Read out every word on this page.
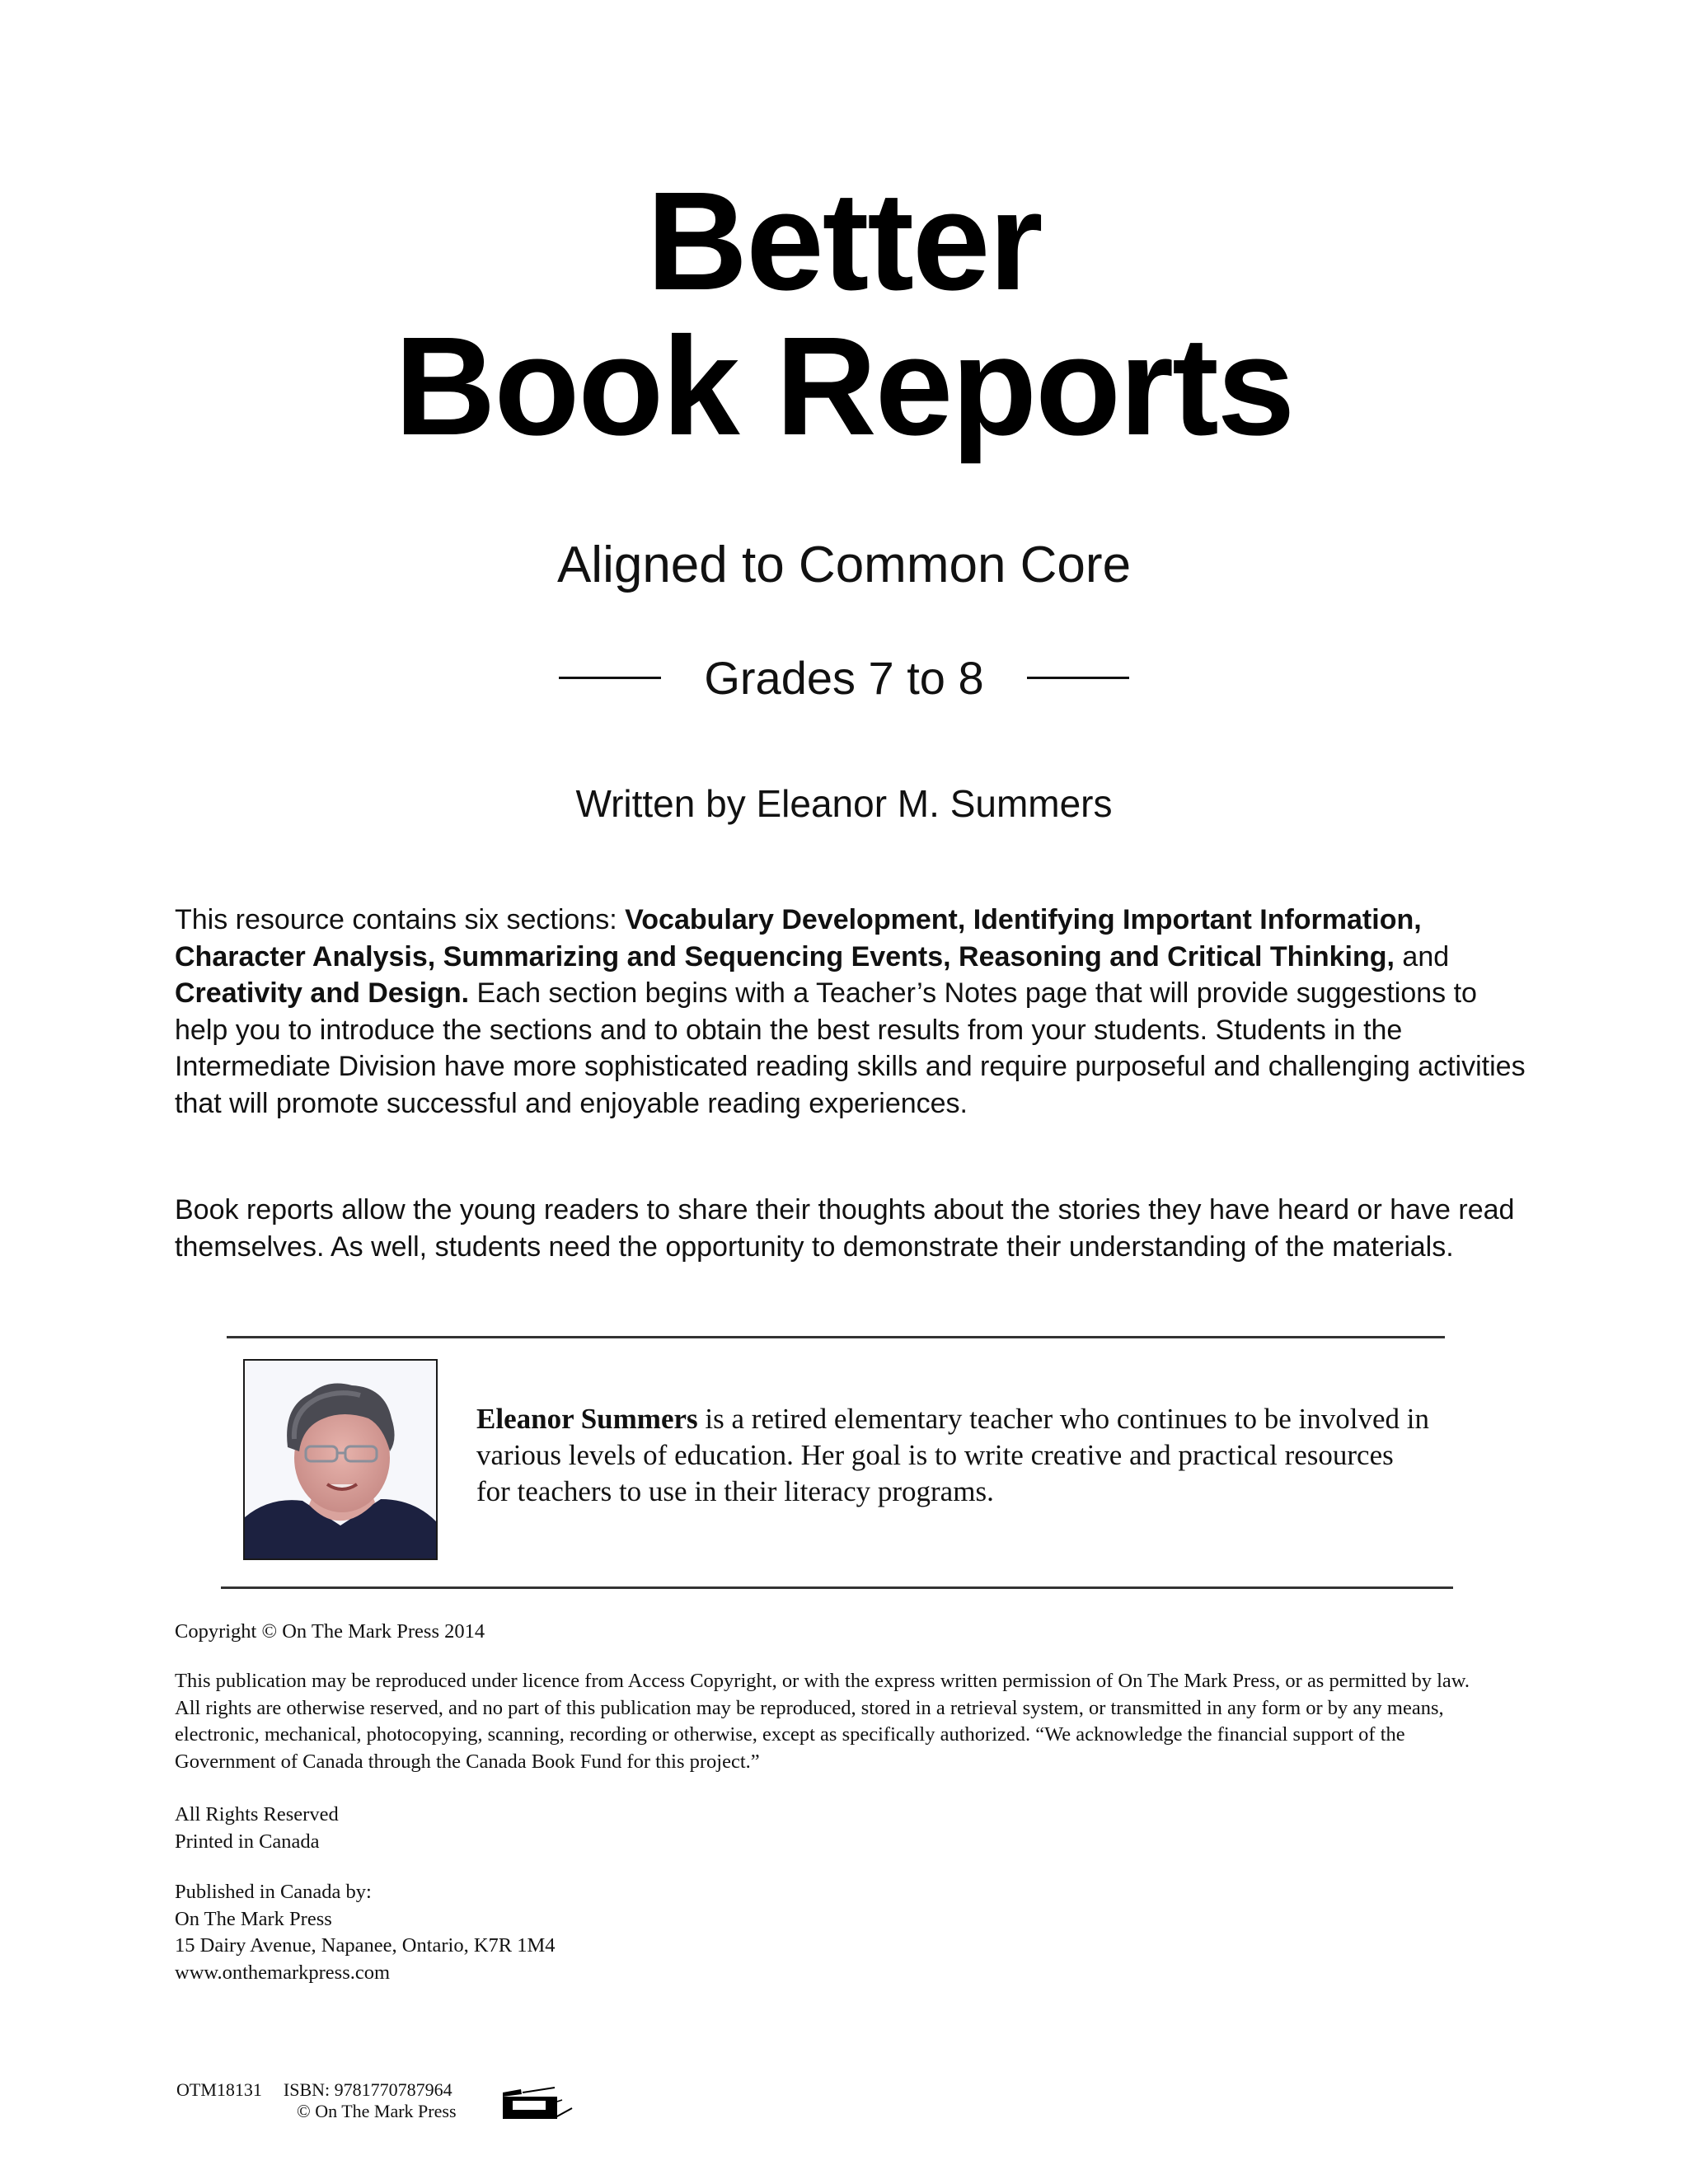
Better
Book Reports
Aligned to Common Core
Grades 7 to 8
Written by Eleanor M. Summers
This resource contains six sections: Vocabulary Development, Identifying Important Information, Character Analysis, Summarizing and Sequencing Events, Reasoning and Critical Thinking, and Creativity and Design. Each section begins with a Teacher’s Notes page that will provide suggestions to help you to introduce the sections and to obtain the best results from your students. Students in the Intermediate Division have more sophisticated reading skills and require purposeful and challenging activities that will promote successful and enjoyable reading experiences.
Book reports allow the young readers to share their thoughts about the stories they have heard or have read themselves. As well, students need the opportunity to demonstrate their understanding of the materials.
Eleanor Summers is a retired elementary teacher who continues to be involved in various levels of education. Her goal is to write creative and practical resources for teachers to use in their literacy programs.
Copyright © On The Mark Press 2014
This publication may be reproduced under licence from Access Copyright, or with the express written permission of On The Mark Press, or as permitted by law. All rights are otherwise reserved, and no part of this publication may be reproduced, stored in a retrieval system, or transmitted in any form or by any means, electronic, mechanical, photocopying, scanning, recording or otherwise, except as specifically authorized. “We acknowledge the financial support of the Government of Canada through the Canada Book Fund for this project.”
All Rights Reserved
Printed in Canada
Published in Canada by:
On The Mark Press
15 Dairy Avenue, Napanee, Ontario, K7R 1M4
www.onthemarkpress.com
OTM18131 ISBN: 9781770787964
© On The Mark Press
